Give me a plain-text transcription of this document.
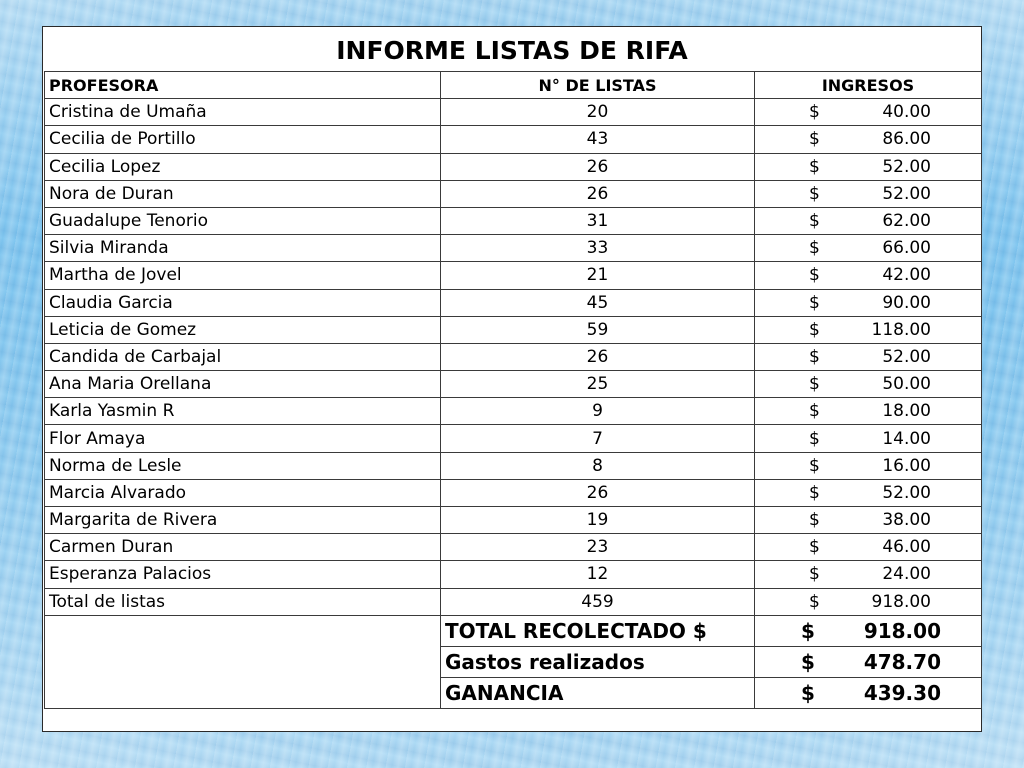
INFORME LISTAS DE RIFA
PROFESORA	N° DE LISTAS	INGRESOS
Cristina de Umaña	20	$ 40.00
Cecilia de Portillo	43	$ 86.00
Cecilia Lopez	26	$ 52.00
Nora de Duran	26	$ 52.00
Guadalupe Tenorio	31	$ 62.00
Silvia Miranda	33	$ 66.00
Martha de Jovel	21	$ 42.00
Claudia Garcia	45	$ 90.00
Leticia de Gomez	59	$ 118.00
Candida de Carbajal	26	$ 52.00
Ana Maria Orellana	25	$ 50.00
Karla Yasmin R	9	$ 18.00
Flor Amaya	7	$ 14.00
Norma de Lesle	8	$ 16.00
Marcia Alvarado	26	$ 52.00
Margarita de Rivera	19	$ 38.00
Carmen Duran	23	$ 46.00
Esperanza Palacios	12	$ 24.00
Total de listas	459	$ 918.00
	TOTAL RECOLECTADO $	$ 918.00
	Gastos realizados	$ 478.70
	GANANCIA	$ 439.30
